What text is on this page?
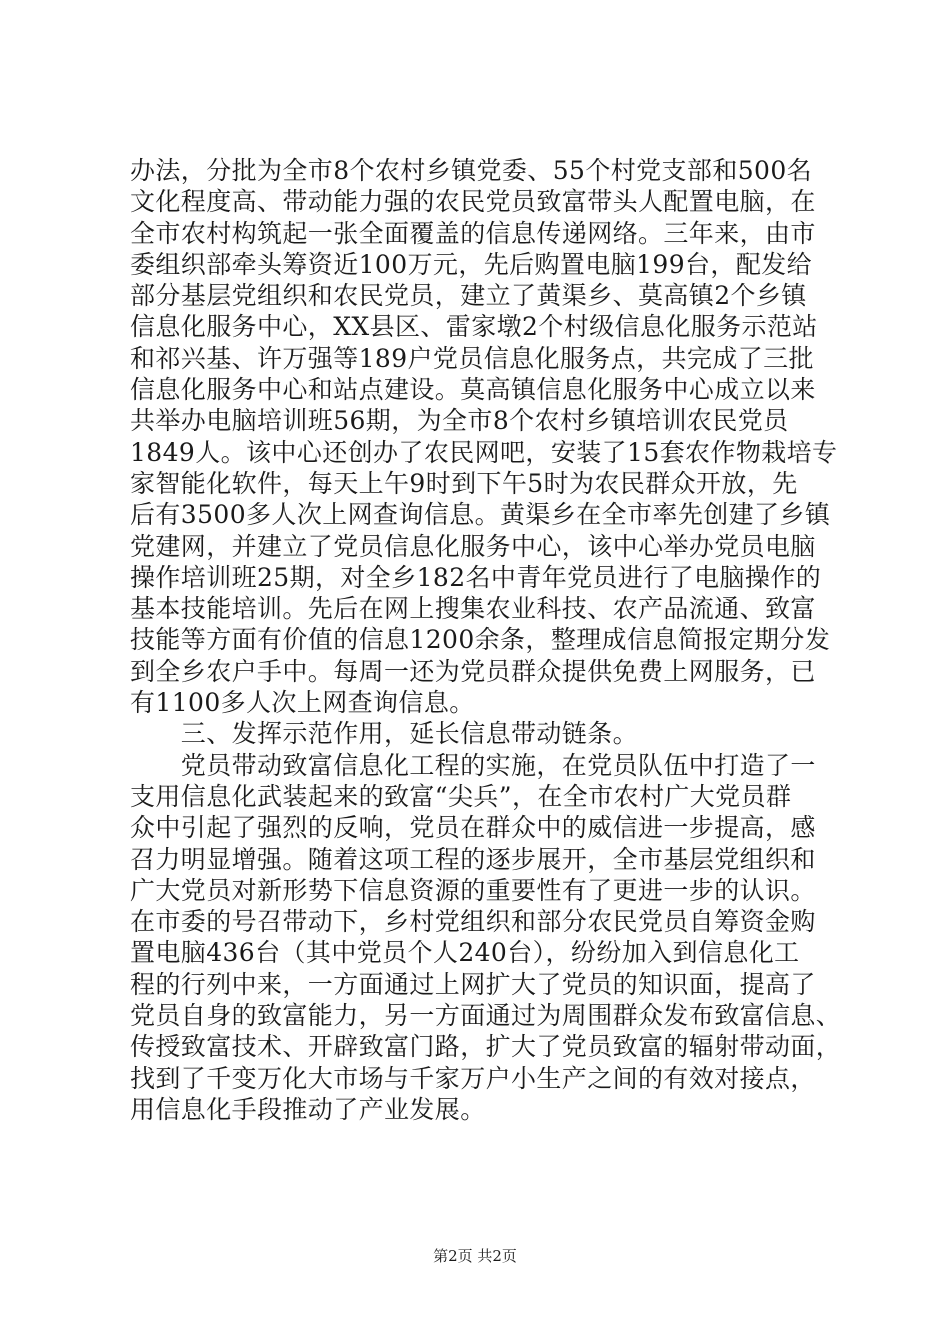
办法，分批为全市8个农村乡镇党委、55个村党支部和500名
文化程度高、带动能力强的农民党员致富带头人配置电脑，在
全市农村构筑起一张全面覆盖的信息传递网络。三年来，由市
委组织部牵头筹资近100万元，先后购置电脑199台，配发给
部分基层党组织和农民党员，建立了黄渠乡、莫高镇2个乡镇
信息化服务中心，XX县区、雷家墩2个村级信息化服务示范站
和祁兴基、许万强等189户党员信息化服务点，共完成了三批
信息化服务中心和站点建设。莫高镇信息化服务中心成立以来
共举办电脑培训班56期，为全市8个农村乡镇培训农民党员
1849人。该中心还创办了农民网吧，安装了15套农作物栽培专
家智能化软件，每天上午9时到下午5时为农民群众开放，先
后有3500多人次上网查询信息。黄渠乡在全市率先创建了乡镇
党建网，并建立了党员信息化服务中心，该中心举办党员电脑
操作培训班25期，对全乡182名中青年党员进行了电脑操作的
基本技能培训。先后在网上搜集农业科技、农产品流通、致富
技能等方面有价值的信息1200余条，整理成信息简报定期分发
到全乡农户手中。每周一还为党员群众提供免费上网服务，已
有1100多人次上网查询信息。
　　三、发挥示范作用，延长信息带动链条。
　　党员带动致富信息化工程的实施，在党员队伍中打造了一
支用信息化武装起来的致富“尖兵”，在全市农村广大党员群
众中引起了强烈的反响，党员在群众中的威信进一步提高，感
召力明显增强。随着这项工程的逐步展开，全市基层党组织和
广大党员对新形势下信息资源的重要性有了更进一步的认识。
在市委的号召带动下，乡村党组织和部分农民党员自筹资金购
置电脑436台（其中党员个人240台），纷纷加入到信息化工
程的行列中来，一方面通过上网扩大了党员的知识面，提高了
党员自身的致富能力，另一方面通过为周围群众发布致富信息、
传授致富技术、开辟致富门路，扩大了党员致富的辐射带动面，
找到了千变万化大市场与千家万户小生产之间的有效对接点，
用信息化手段推动了产业发展。
第2页 共2页
